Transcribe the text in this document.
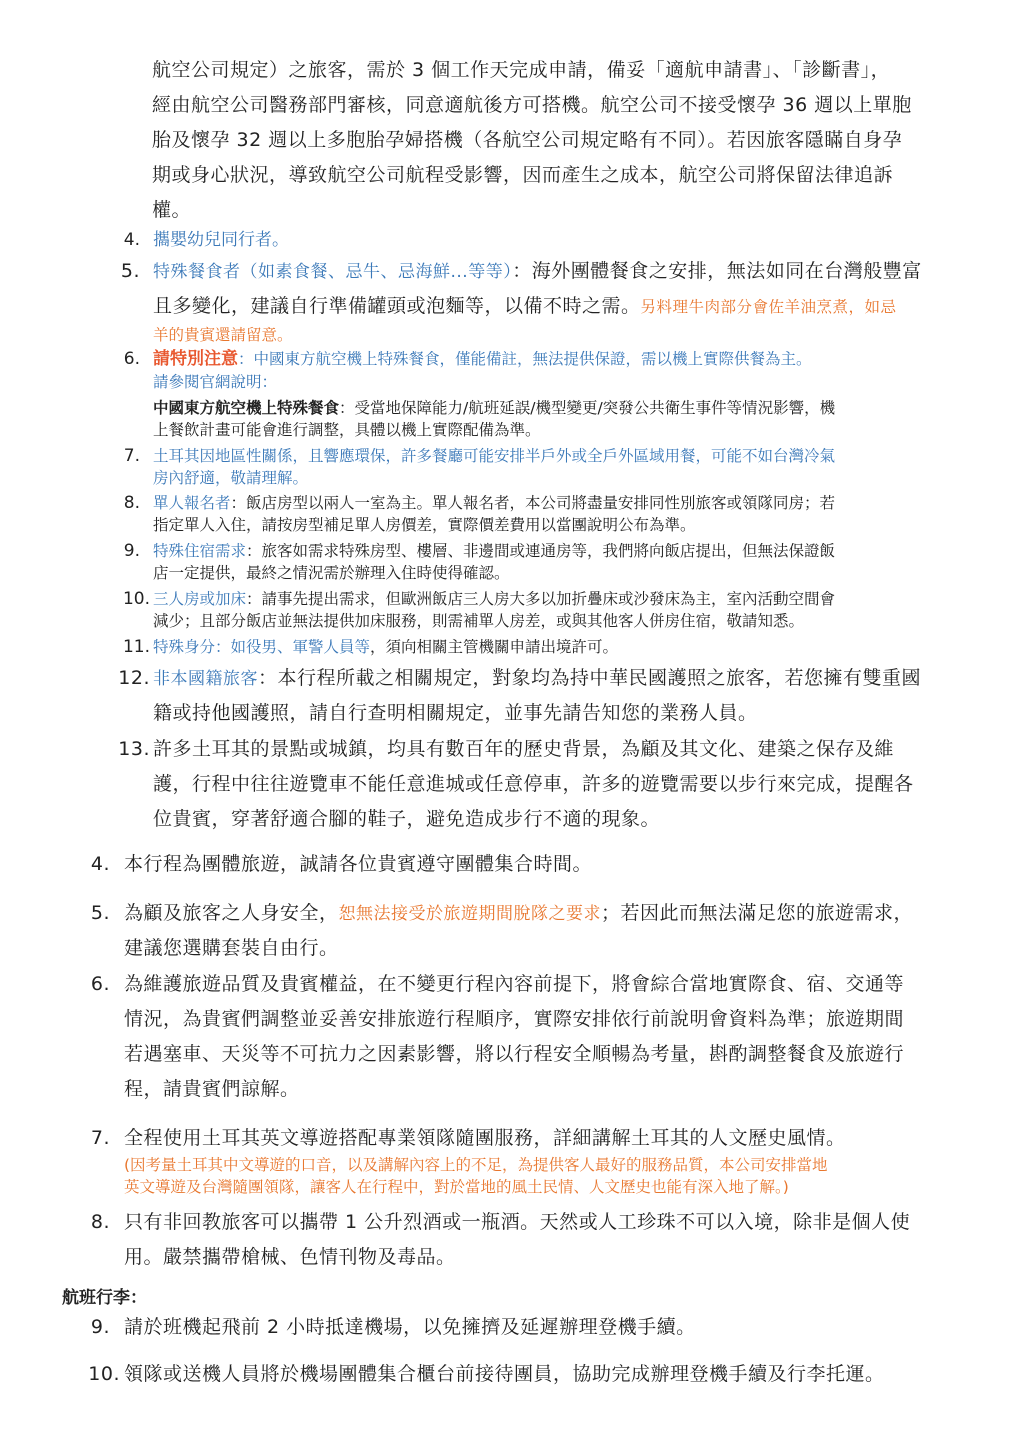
航空公司規定）之旅客，需於 3 個工作天完成申請，備妥「適航申請書」、「診斷書」，
經由航空公司醫務部門審核，同意適航後方可搭機。航空公司不接受懷孕 36 週以上單胞
胎及懷孕 32 週以上多胞胎孕婦搭機（各航空公司規定略有不同）。若因旅客隱瞞自身孕
期或身心狀況，導致航空公司航程受影響，因而產生之成本，航空公司將保留法律追訴
權。
4. 攜嬰幼兒同行者。
5. 特殊餐食者（如素食餐、忌牛、忌海鮮...等等）：海外團體餐食之安排，無法如同在台灣般豐富
且多變化，建議自行準備罐頭或泡麵等，以備不時之需。另料理牛肉部分會佐羊油烹煮，如忌
羊的貴賓還請留意。
6. 請特別注意：中國東方航空機上特殊餐食，僅能備註，無法提供保證，需以機上實際供餐為主。
請參閱官網說明：
中國東方航空機上特殊餐食：受當地保障能力/航班延誤/機型變更/突發公共衛生事件等情況影響，機
上餐飲計畫可能會進行調整，具體以機上實際配備為準。
7. 土耳其因地區性關係，且響應環保，許多餐廳可能安排半戶外或全戶外區域用餐，可能不如台灣冷氣
房內舒適，敬請理解。
8. 單人報名者：飯店房型以兩人一室為主。單人報名者，本公司將盡量安排同性別旅客或領隊同房；若
指定單人入住，請按房型補足單人房價差，實際價差費用以當團說明公布為準。
9. 特殊住宿需求：旅客如需求特殊房型、樓層、非邊間或連通房等，我們將向飯店提出，但無法保證飯
店一定提供，最終之情況需於辦理入住時使得確認。
10. 三人房或加床：請事先提出需求，但歐洲飯店三人房大多以加折疊床或沙發床為主，室內活動空間會
減少；且部分飯店並無法提供加床服務，則需補單人房差，或與其他客人併房住宿，敬請知悉。
11. 特殊身分：如役男、軍警人員等，須向相關主管機關申請出境許可。
12. 非本國籍旅客：本行程所載之相關規定，對象均為持中華民國護照之旅客，若您擁有雙重國
籍或持他國護照，請自行查明相關規定，並事先請告知您的業務人員。
13. 許多土耳其的景點或城鎮，均具有數百年的歷史背景，為顧及其文化、建築之保存及維
護，行程中往往遊覽車不能任意進城或任意停車，許多的遊覽需要以步行來完成，提醒各
位貴賓，穿著舒適合腳的鞋子，避免造成步行不適的現象。
4. 本行程為團體旅遊，誠請各位貴賓遵守團體集合時間。
5. 為顧及旅客之人身安全，恕無法接受於旅遊期間脫隊之要求；若因此而無法滿足您的旅遊需求，
建議您選購套裝自由行。
6. 為維護旅遊品質及貴賓權益，在不變更行程內容前提下，將會綜合當地實際食、宿、交通等
情況，為貴賓們調整並妥善安排旅遊行程順序，實際安排依行前說明會資料為準；旅遊期間
若遇塞車、天災等不可抗力之因素影響，將以行程安全順暢為考量，斟酌調整餐食及旅遊行
程，請貴賓們諒解。
7. 全程使用土耳其英文導遊搭配專業領隊隨團服務，詳細講解土耳其的人文歷史風情。
(因考量土耳其中文導遊的口音，以及講解內容上的不足，為提供客人最好的服務品質，本公司安排當地
英文導遊及台灣隨團領隊，讓客人在行程中，對於當地的風土民情、人文歷史也能有深入地了解。)
8. 只有非回教旅客可以攜帶 1 公升烈酒或一瓶酒。天然或人工珍珠不可以入境，除非是個人使
用。嚴禁攜帶槍械、色情刊物及毒品。
航班行李：
9. 請於班機起飛前 2 小時抵達機場，以免擁擠及延遲辦理登機手續。
10. 領隊或送機人員將於機場團體集合櫃台前接待團員，協助完成辦理登機手續及行李托運。
